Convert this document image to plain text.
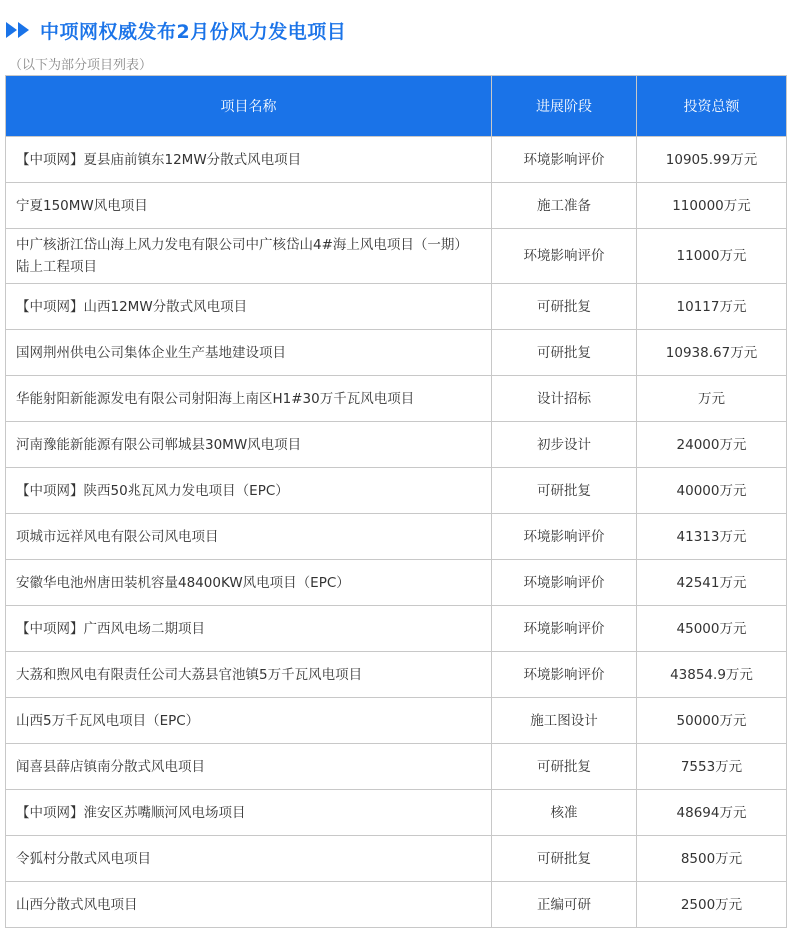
中项网权威发布2月份风力发电项目
（以下为部分项目列表）
项目名称	进展阶段	投资总额
【中项网】夏县庙前镇东12MW分散式风电项目	环境影响评价	10905.99万元
宁夏150MW风电项目	施工准备	110000万元
中广核浙江岱山海上风力发电有限公司中广核岱山4#海上风电项目（一期）陆上工程项目	环境影响评价	11000万元
【中项网】山西12MW分散式风电项目	可研批复	10117万元
国网荆州供电公司集体企业生产基地建设项目	可研批复	10938.67万元
华能射阳新能源发电有限公司射阳海上南区H1#30万千瓦风电项目	设计招标	万元
河南豫能新能源有限公司郸城县30MW风电项目	初步设计	24000万元
【中项网】陕西50兆瓦风力发电项目（EPC）	可研批复	40000万元
项城市远祥风电有限公司风电项目	环境影响评价	41313万元
安徽华电池州唐田装机容量48400KW风电项目（EPC）	环境影响评价	42541万元
【中项网】广西风电场二期项目	环境影响评价	45000万元
大荔和煦风电有限责任公司大荔县官池镇5万千瓦风电项目	环境影响评价	43854.9万元
山西5万千瓦风电项目（EPC）	施工图设计	50000万元
闻喜县薛店镇南分散式风电项目	可研批复	7553万元
【中项网】淮安区苏嘴顺河风电场项目	核准	48694万元
令狐村分散式风电项目	可研批复	8500万元
山西分散式风电项目	正编可研	2500万元
